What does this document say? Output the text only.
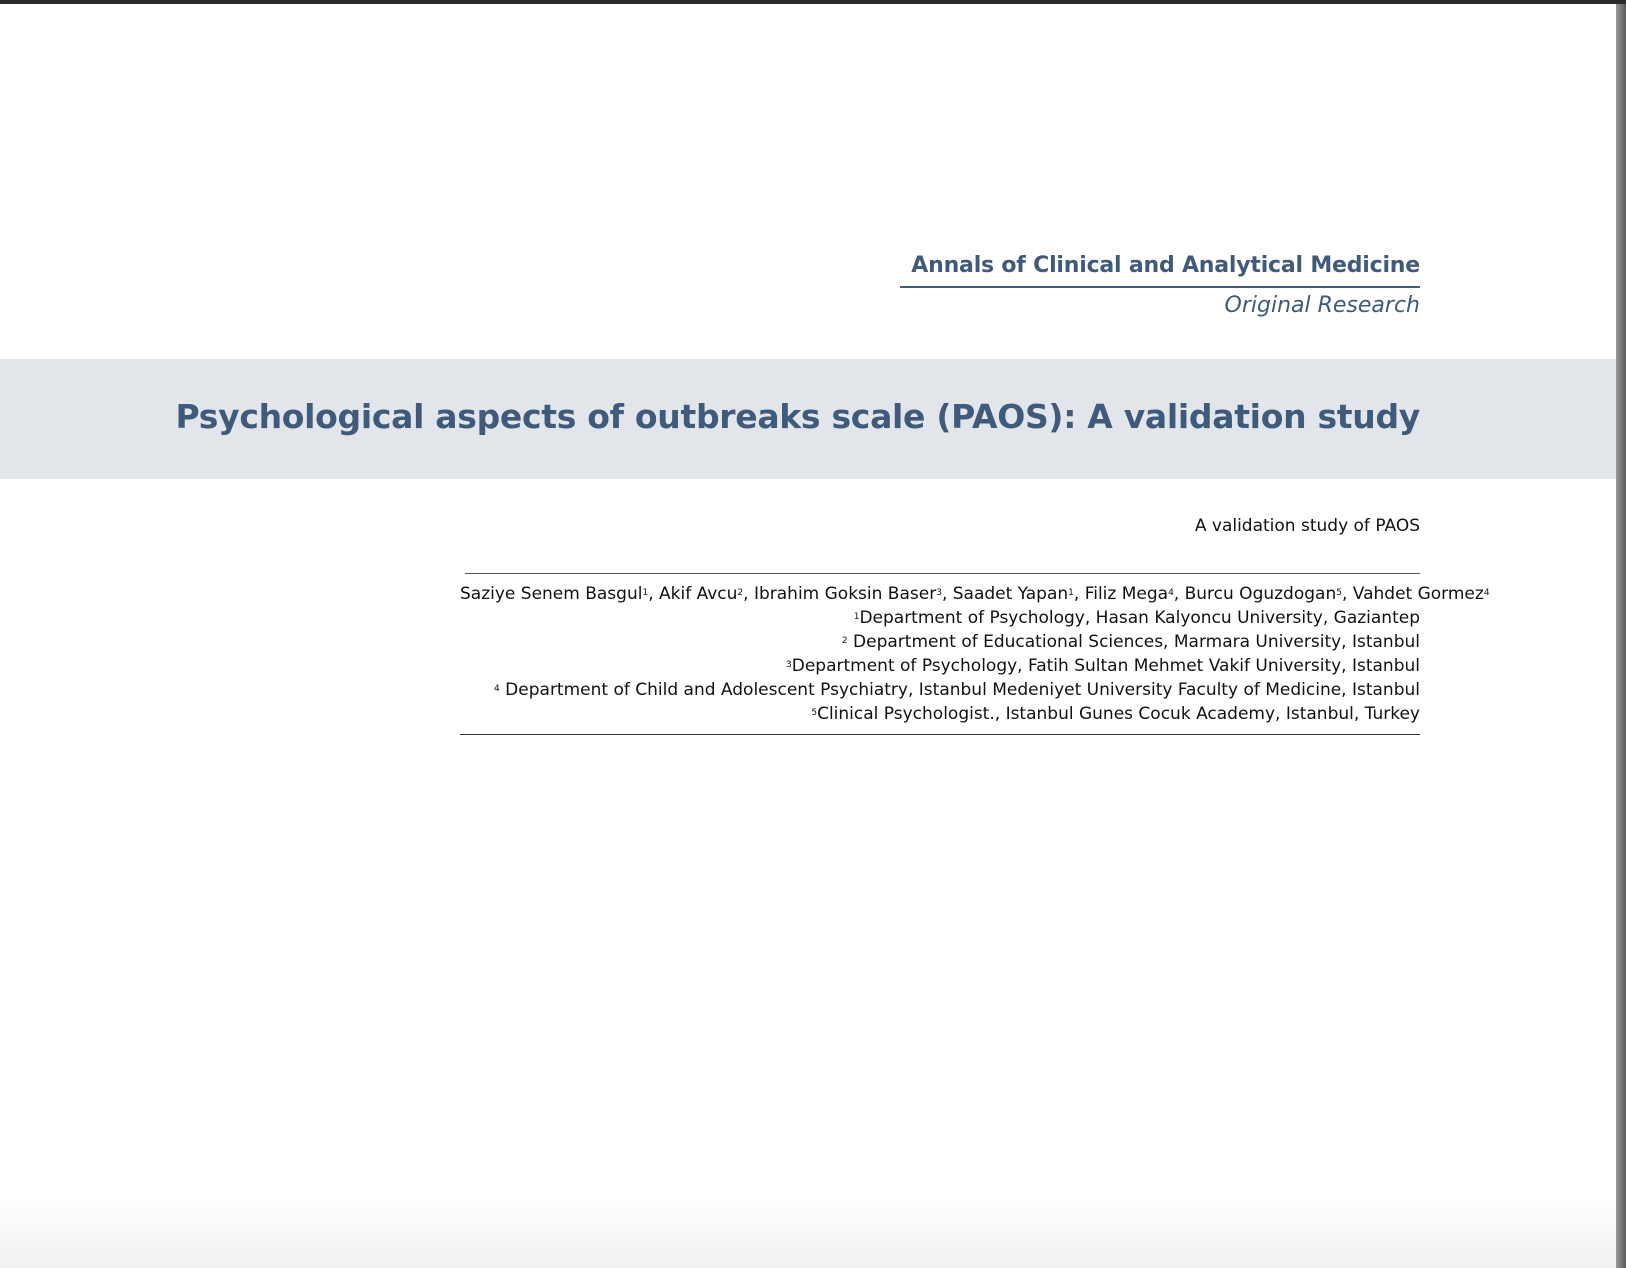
Annals of Clinical and Analytical Medicine
Original Research
Psychological aspects of outbreaks scale (PAOS): A validation study
A validation study of PAOS
Saziye Senem Basgul$^1$, Akif Avcu$^2$, Ibrahim Goksin Baser$^3$, Saadet Yapan$^1$, Filiz Mega$^4$, Burcu Oguzdogan$^5$, Vahdet Gormez$^4$
$^1$Department of Psychology, Hasan Kalyoncu University, Gaziantep
$^2$ Department of Educational Sciences, Marmara University, Istanbul
$^3$Department of Psychology, Fatih Sultan Mehmet Vakif University, Istanbul
$^4$ Department of Child and Adolescent Psychiatry, Istanbul Medeniyet University Faculty of Medicine, Istanbul
$^5$Clinical Psychologist., Istanbul Gunes Cocuk Academy, Istanbul, Turkey
